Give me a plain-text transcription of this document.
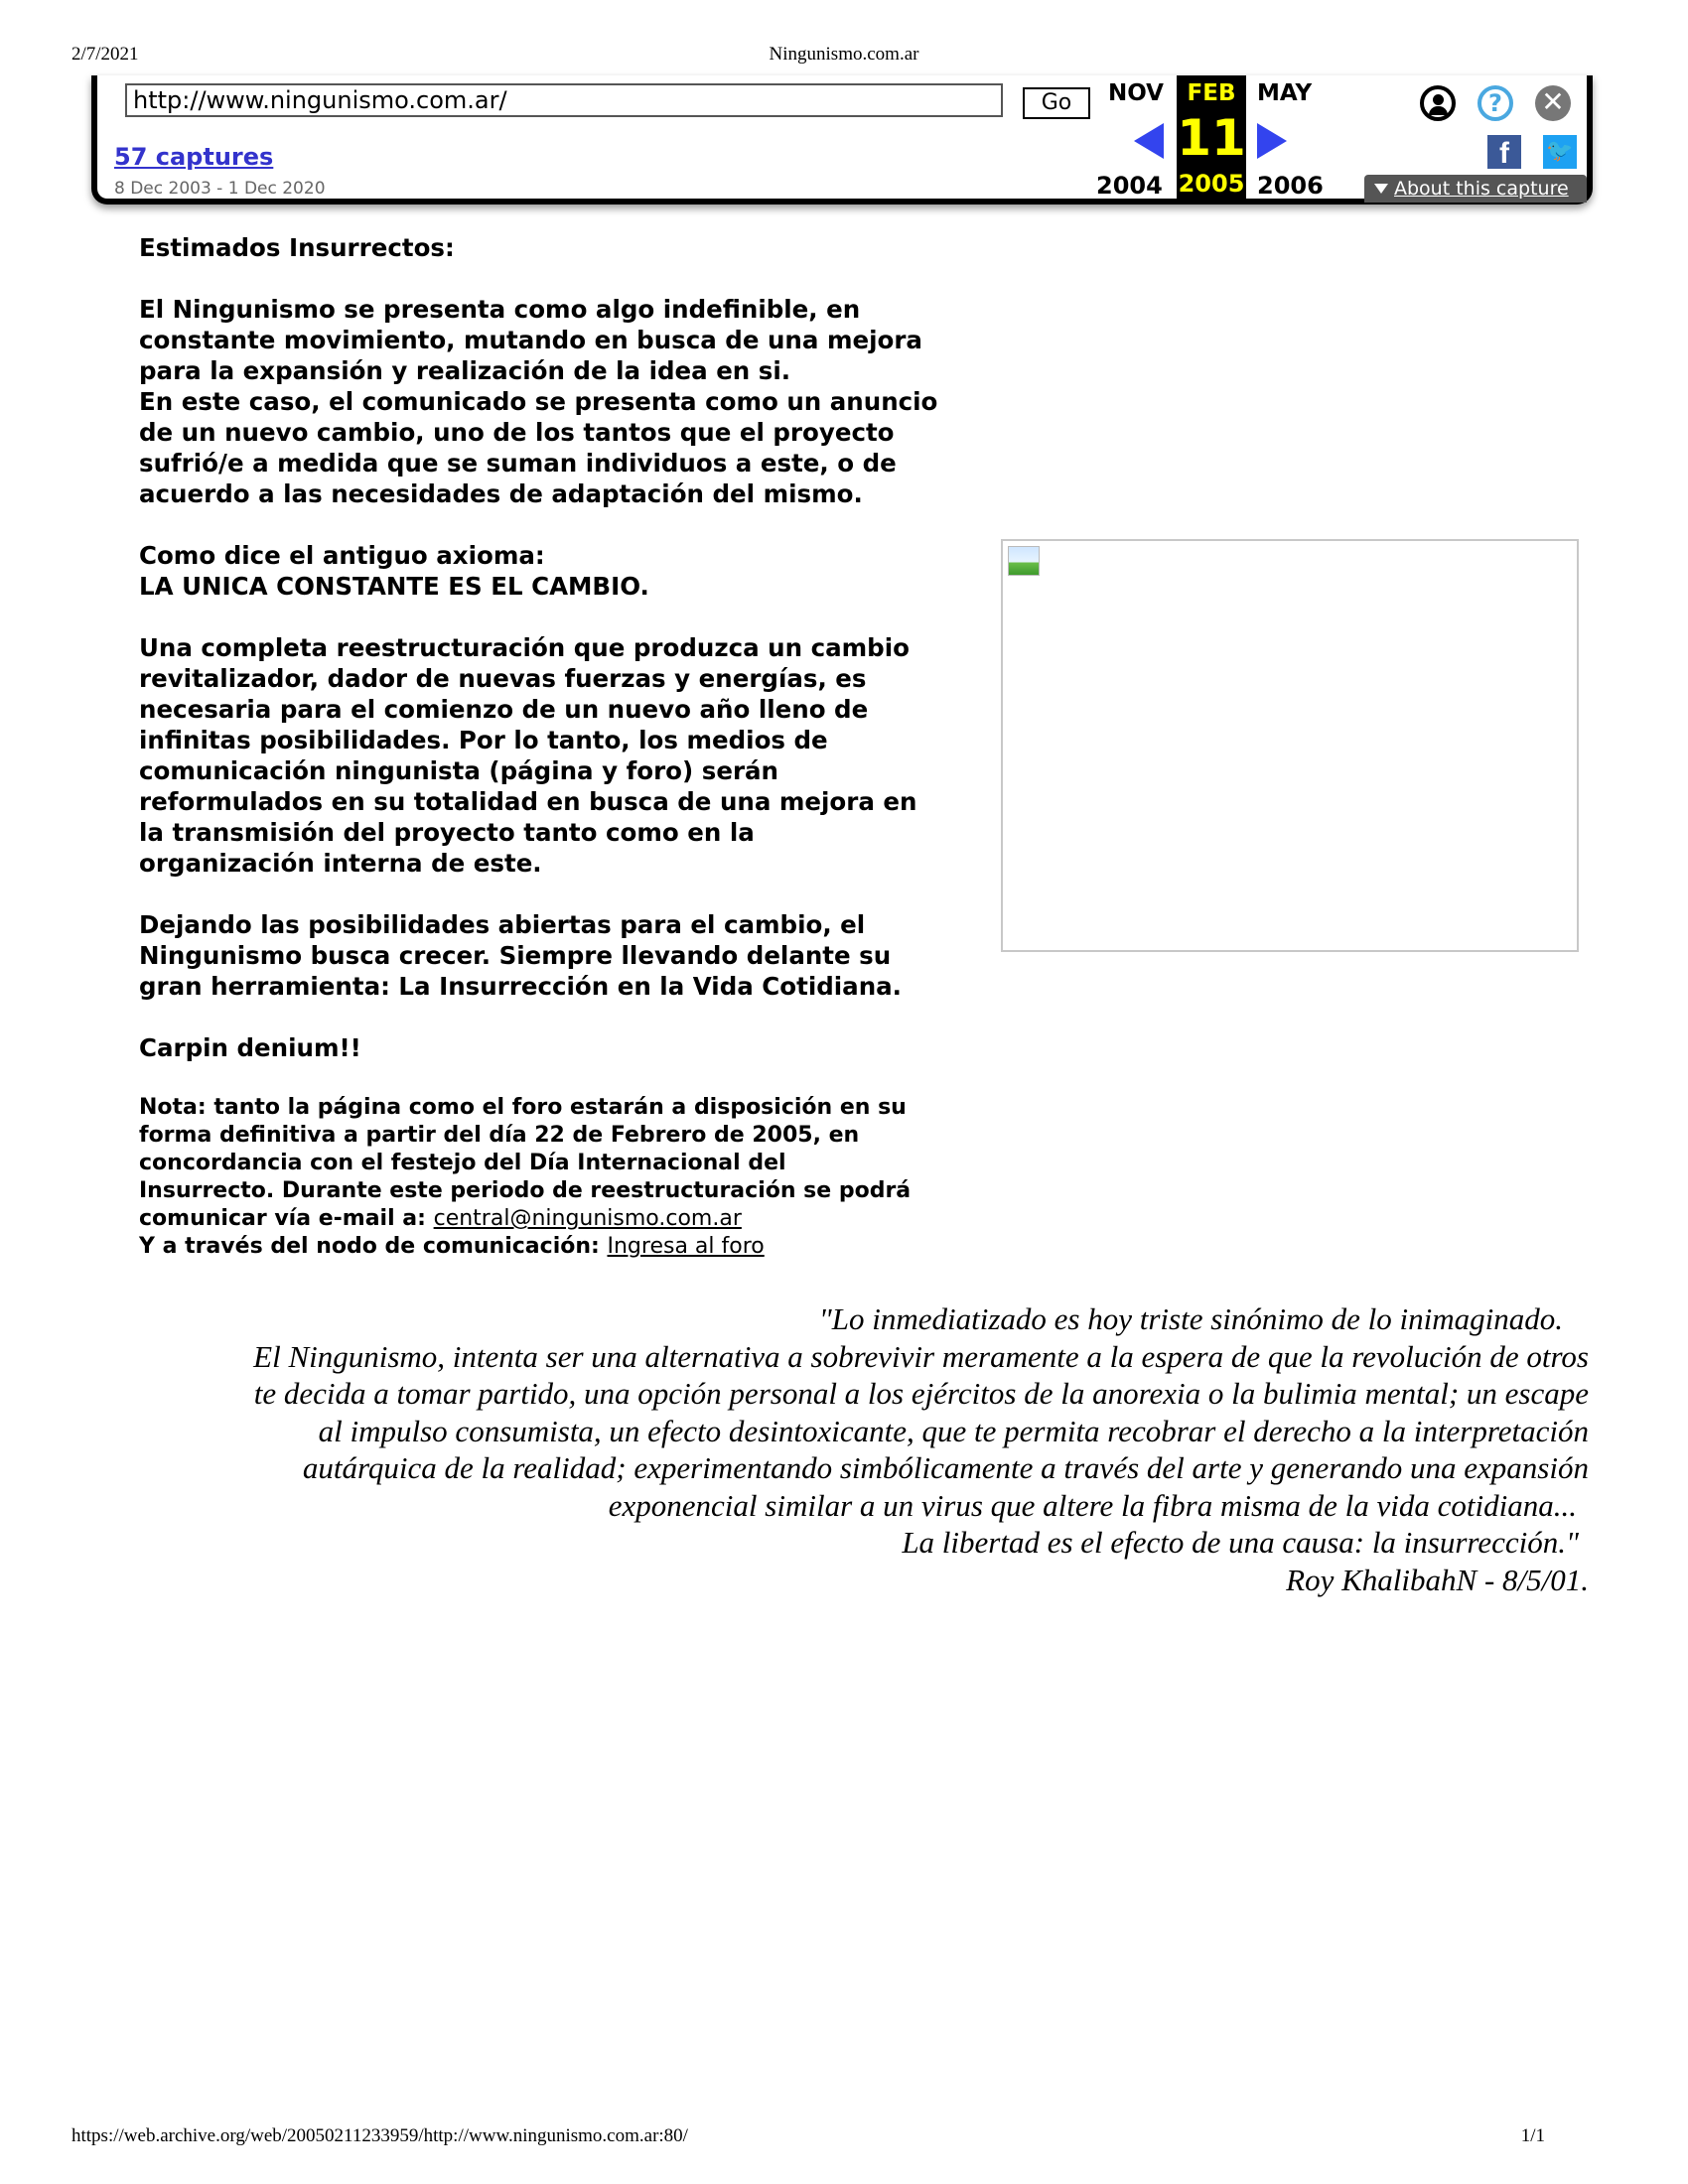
2/7/2021	Ningunismo.com.ar
http://www.ningunismo.com.ar/
Go
57 captures
8 Dec 2003 - 1 Dec 2020
NOV
2004
FEB
11
2005
MAY
2006
?	✕
f	🐦
About this capture

Estimados Insurrectos:

El Ningunismo se presenta como algo indefinible, en
constante movimiento, mutando en busca de una mejora
para la expansión y realización de la idea en si.
En este caso, el comunicado se presenta como un anuncio
de un nuevo cambio, uno de los tantos que el proyecto
sufrió/e a medida que se suman individuos a este, o de
acuerdo a las necesidades de adaptación del mismo.

Como dice el antiguo axioma:
LA UNICA CONSTANTE ES EL CAMBIO.

Una completa reestructuración que produzca un cambio
revitalizador, dador de nuevas fuerzas y energías, es
necesaria para el comienzo de un nuevo año lleno de
infinitas posibilidades. Por lo tanto, los medios de
comunicación ningunista (página y foro) serán
reformulados en su totalidad en busca de una mejora en
la transmisión del proyecto tanto como en la
organización interna de este.

Dejando las posibilidades abiertas para el cambio, el
Ningunismo busca crecer. Siempre llevando delante su
gran herramienta: La Insurrección en la Vida Cotidiana.

Carpin denium!!

Nota: tanto la página como el foro estarán a disposición en su
forma definitiva a partir del día 22 de Febrero de 2005, en
concordancia con el festejo del Día Internacional del
Insurrecto. Durante este periodo de reestructuración se podrá
comunicar vía e-mail a: central@ningunismo.com.ar
Y a través del nodo de comunicación: Ingresa al foro
"Lo inmediatizado es hoy triste sinónimo de lo inimaginado.
El Ningunismo, intenta ser una alternativa a sobrevivir meramente a la espera de que la revolución de otros
te decida a tomar partido, una opción personal a los ejércitos de la anorexia o la bulimia mental; un escape
al impulso consumista, un efecto desintoxicante, que te permita recobrar el derecho a la interpretación
autárquica de la realidad; experimentando simbólicamente a través del arte y generando una expansión
exponencial similar a un virus que altere la fibra misma de la vida cotidiana...
La libertad es el efecto de una causa: la insurrección."
Roy KhalibahN - 8/5/01.
https://web.archive.org/web/20050211233959/http://www.ningunismo.com.ar:80/	1/1
